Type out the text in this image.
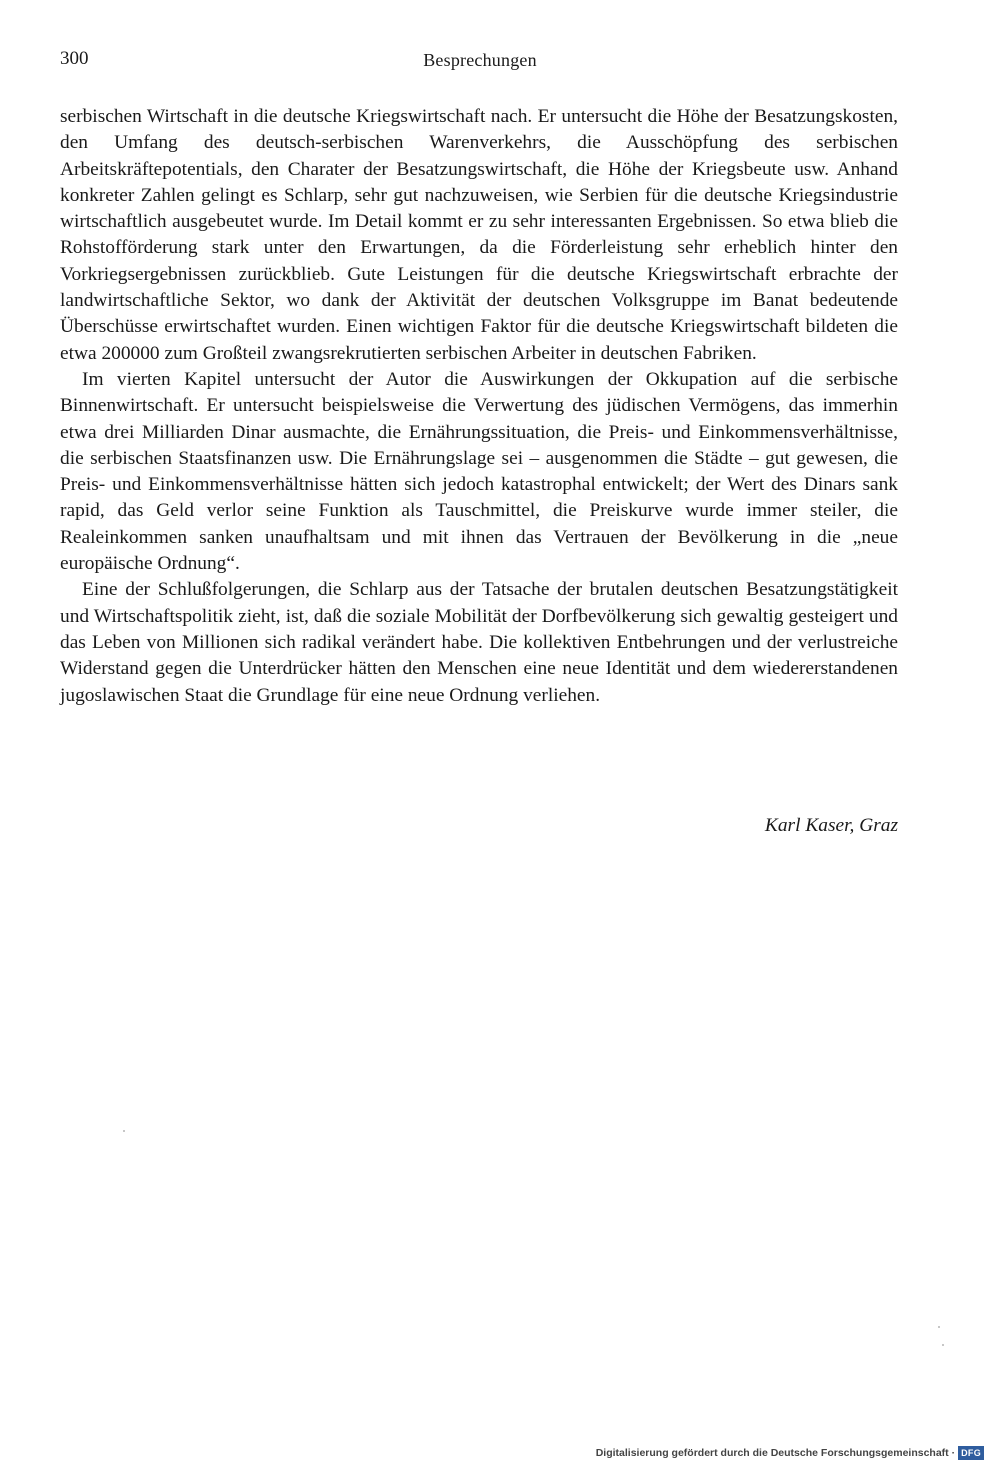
300	Besprechungen

serbischen Wirtschaft in die deutsche Kriegswirtschaft nach. Er untersucht die Höhe der Besatzungskosten, den Umfang des deutsch-serbischen Warenverkehrs, die Ausschöpfung des serbischen Arbeitskräftepotentials, den Charater der Besatzungswirtschaft, die Höhe der Kriegsbeute usw. Anhand konkreter Zahlen gelingt es Schlarp, sehr gut nachzuweisen, wie Serbien für die deutsche Kriegsindustrie wirtschaftlich ausgebeutet wurde. Im Detail kommt er zu sehr interessanten Ergebnissen. So etwa blieb die Rohstofförderung stark unter den Erwartungen, da die Förderleistung sehr erheblich hinter den Vorkriegsergebnissen zurückblieb. Gute Leistungen für die deutsche Kriegswirtschaft erbrachte der landwirtschaftliche Sektor, wo dank der Aktivität der deutschen Volksgruppe im Banat bedeutende Überschüsse erwirtschaftet wurden. Einen wichtigen Faktor für die deutsche Kriegswirtschaft bildeten die etwa 200000 zum Großteil zwangsrekrutierten serbischen Arbeiter in deutschen Fabriken.

Im vierten Kapitel untersucht der Autor die Auswirkungen der Okkupation auf die serbische Binnenwirtschaft. Er untersucht beispielsweise die Verwertung des jüdischen Vermögens, das immerhin etwa drei Milliarden Dinar ausmachte, die Ernährungssituation, die Preis- und Einkommensverhältnisse, die serbischen Staatsfinanzen usw. Die Ernährungslage sei – ausgenommen die Städte – gut gewesen, die Preis- und Einkommensverhältnisse hätten sich jedoch katastrophal entwickelt; der Wert des Dinars sank rapid, das Geld verlor seine Funktion als Tauschmittel, die Preiskurve wurde immer steiler, die Realeinkommen sanken unaufhaltsam und mit ihnen das Vertrauen der Bevölkerung in die „neue europäische Ordnung“.

Eine der Schlußfolgerungen, die Schlarp aus der Tatsache der brutalen deutschen Besatzungstätigkeit und Wirtschaftspolitik zieht, ist, daß die soziale Mobilität der Dorfbevölkerung sich gewaltig gesteigert und das Leben von Millionen sich radikal verändert habe. Die kollektiven Entbehrungen und der verlustreiche Widerstand gegen die Unterdrücker hätten den Menschen eine neue Identität und dem wiedererstandenen jugoslawischen Staat die Grundlage für eine neue Ordnung verliehen.

Karl Kaser, Graz
Digitalisierung gefördert durch die Deutsche Forschungsgemeinschaft · DFG
